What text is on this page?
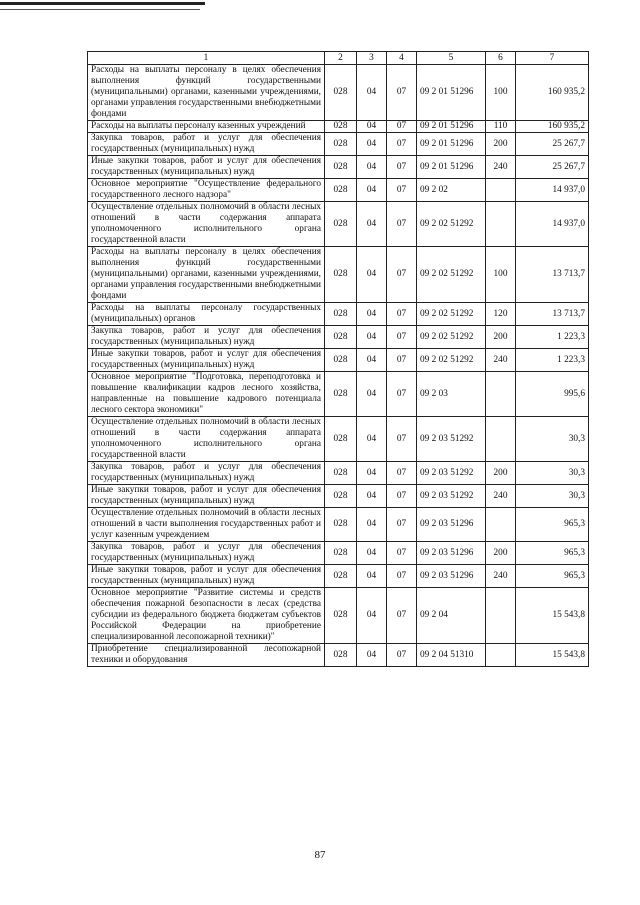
1	2	3	4	5	6	7
Расходы на выплаты персоналу в целях обеспечения выполнения функций государственными (муниципальными) органами, казенными учреждениями, органами управления государственными внебюджетными фондами	028	04	07	09 2 01 51296	100	160 935,2
Расходы на выплаты персоналу казенных учреждений	028	04	07	09 2 01 51296	110	160 935,2
Закупка товаров, работ и услуг для обеспечения государственных (муниципальных) нужд	028	04	07	09 2 01 51296	200	25 267,7
Иные закупки товаров, работ и услуг для обеспечения государственных (муниципальных) нужд	028	04	07	09 2 01 51296	240	25 267,7
Основное мероприятие "Осуществление федерального государственного лесного надзора"	028	04	07	09 2 02		14 937,0
Осуществление отдельных полномочий в области лесных отношений в части содержания аппарата уполномоченного исполнительного органа государственной власти	028	04	07	09 2 02 51292		14 937,0
Расходы на выплаты персоналу в целях обеспечения выполнения функций государственными (муниципальными) органами, казенными учреждениями, органами управления государственными внебюджетными фондами	028	04	07	09 2 02 51292	100	13 713,7
Расходы на выплаты персоналу государственных (муниципальных) органов	028	04	07	09 2 02 51292	120	13 713,7
Закупка товаров, работ и услуг для обеспечения государственных (муниципальных) нужд	028	04	07	09 2 02 51292	200	1 223,3
Иные закупки товаров, работ и услуг для обеспечения государственных (муниципальных) нужд	028	04	07	09 2 02 51292	240	1 223,3
Основное мероприятие "Подготовка, переподготовка и повышение квалификации кадров лесного хозяйства, направленные на повышение кадрового потенциала лесного сектора экономики"	028	04	07	09 2 03		995,6
Осуществление отдельных полномочий в области лесных отношений в части содержания аппарата уполномоченного исполнительного органа государственной власти	028	04	07	09 2 03 51292		30,3
Закупка товаров, работ и услуг для обеспечения государственных (муниципальных) нужд	028	04	07	09 2 03 51292	200	30,3
Иные закупки товаров, работ и услуг для обеспечения государственных (муниципальных) нужд	028	04	07	09 2 03 51292	240	30,3
Осуществление отдельных полномочий в области лесных отношений в части выполнения государственных работ и услуг казенным учреждением	028	04	07	09 2 03 51296		965,3
Закупка товаров, работ и услуг для обеспечения государственных (муниципальных) нужд	028	04	07	09 2 03 51296	200	965,3
Иные закупки товаров, работ и услуг для обеспечения государственных (муниципальных) нужд	028	04	07	09 2 03 51296	240	965,3
Основное мероприятие "Развитие системы и средств обеспечения пожарной безопасности в лесах (средства субсидии из федерального бюджета бюджетам субъектов Российской Федерации на приобретение специализированной лесопожарной техники)"	028	04	07	09 2 04		15 543,8
Приобретение специализированной лесопожарной техники и оборудования	028	04	07	09 2 04 51310		15 543,8
87
